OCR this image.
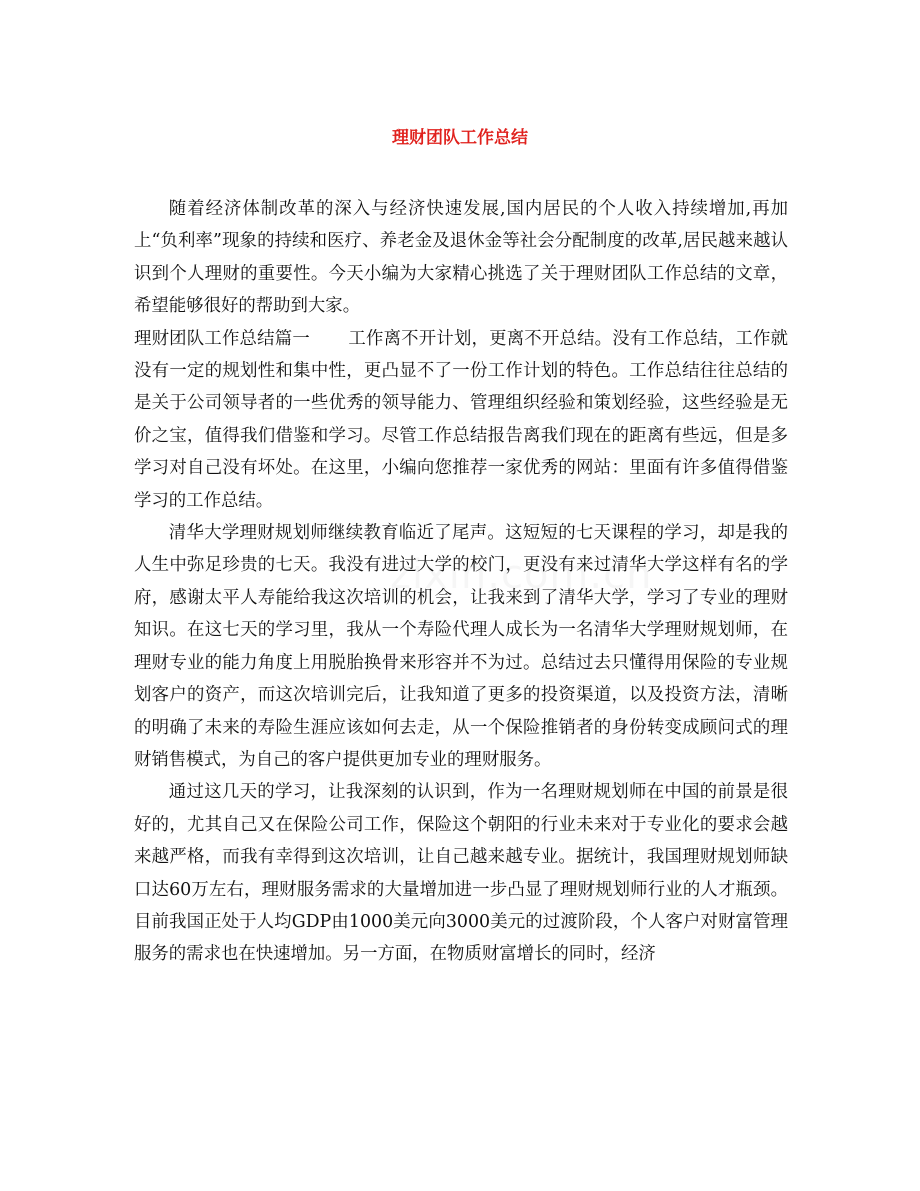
理财团队工作总结

随着经济体制改革的深入与经济快速发展,国内居民的个人收入持续增加,再加上“负利率”现象的持续和医疗、养老金及退休金等社会分配制度的改革,居民越来越认识到个人理财的重要性。今天小编为大家精心挑选了关于理财团队工作总结的文章，希望能够很好的帮助到大家。

理财团队工作总结篇一 工作离不开计划，更离不开总结。没有工作总结，工作就没有一定的规划性和集中性，更凸显不了一份工作计划的特色。工作总结往往总结的是关于公司领导者的一些优秀的领导能力、管理组织经验和策划经验，这些经验是无价之宝，值得我们借鉴和学习。尽管工作总结报告离我们现在的距离有些远，但是多学习对自己没有坏处。在这里，小编向您推荐一家优秀的网站：里面有许多值得借鉴学习的工作总结。

清华大学理财规划师继续教育临近了尾声。这短短的七天课程的学习，却是我的人生中弥足珍贵的七天。我没有进过大学的校门，更没有来过清华大学这样有名的学府，感谢太平人寿能给我这次培训的机会，让我来到了清华大学，学习了专业的理财知识。在这七天的学习里，我从一个寿险代理人成长为一名清华大学理财规划师，在理财专业的能力角度上用脱胎换骨来形容并不为过。总结过去只懂得用保险的专业规划客户的资产，而这次培训完后，让我知道了更多的投资渠道，以及投资方法，清晰的明确了未来的寿险生涯应该如何去走，从一个保险推销者的身份转变成顾问式的理财销售模式，为自己的客户提供更加专业的理财服务。

通过这几天的学习，让我深刻的认识到，作为一名理财规划师在中国的前景是很好的，尤其自己又在保险公司工作，保险这个朝阳的行业未来对于专业化的要求会越来越严格，而我有幸得到这次培训，让自己越来越专业。据统计，我国理财规划师缺口达60万左右，理财服务需求的大量增加进一步凸显了理财规划师行业的人才瓶颈。目前我国正处于人均GDP由1000美元向3000美元的过渡阶段，个人客户对财富管理服务的需求也在快速增加。另一方面，在物质财富增长的同时，经济
